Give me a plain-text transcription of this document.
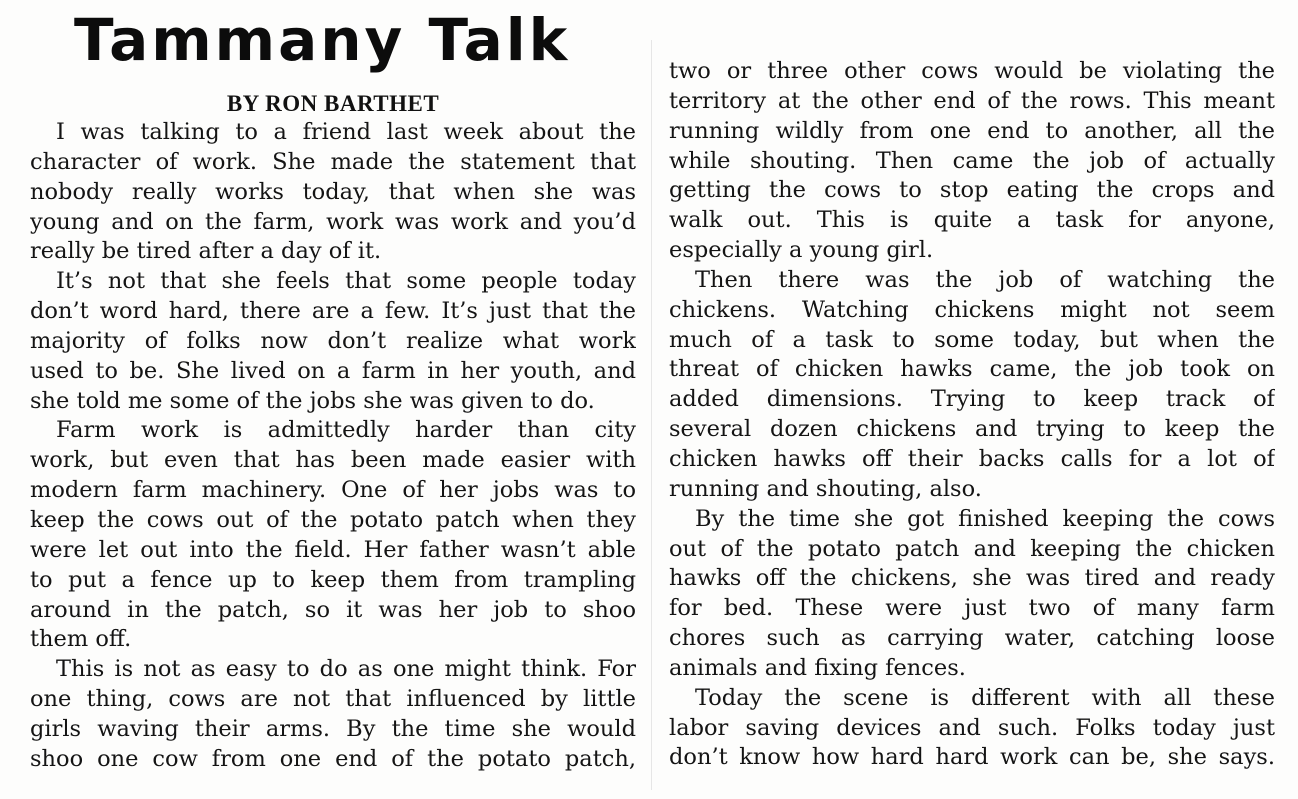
Tammany Talk
BY RON BARTHET
I was talking to a friend last week about the
character of work. She made the statement that
nobody really works today, that when she was
young and on the farm, work was work and you’d
really be tired after a day of it.
It’s not that she feels that some people today
don’t word hard, there are a few. It’s just that the
majority of folks now don’t realize what work
used to be. She lived on a farm in her youth, and
she told me some of the jobs she was given to do.
Farm work is admittedly harder than city
work, but even that has been made easier with
modern farm machinery. One of her jobs was to
keep the cows out of the potato patch when they
were let out into the field. Her father wasn’t able
to put a fence up to keep them from trampling
around in the patch, so it was her job to shoo
them off.
This is not as easy to do as one might think. For
one thing, cows are not that influenced by little
girls waving their arms. By the time she would
shoo one cow from one end of the potato patch,
two or three other cows would be violating the
territory at the other end of the rows. This meant
running wildly from one end to another, all the
while shouting. Then came the job of actually
getting the cows to stop eating the crops and
walk out. This is quite a task for anyone,
especially a young girl.
Then there was the job of watching the
chickens. Watching chickens might not seem
much of a task to some today, but when the
threat of chicken hawks came, the job took on
added dimensions. Trying to keep track of
several dozen chickens and trying to keep the
chicken hawks off their backs calls for a lot of
running and shouting, also.
By the time she got finished keeping the cows
out of the potato patch and keeping the chicken
hawks off the chickens, she was tired and ready
for bed. These were just two of many farm
chores such as carrying water, catching loose
animals and fixing fences.
Today the scene is different with all these
labor saving devices and such. Folks today just
don’t know how hard hard work can be, she says.
